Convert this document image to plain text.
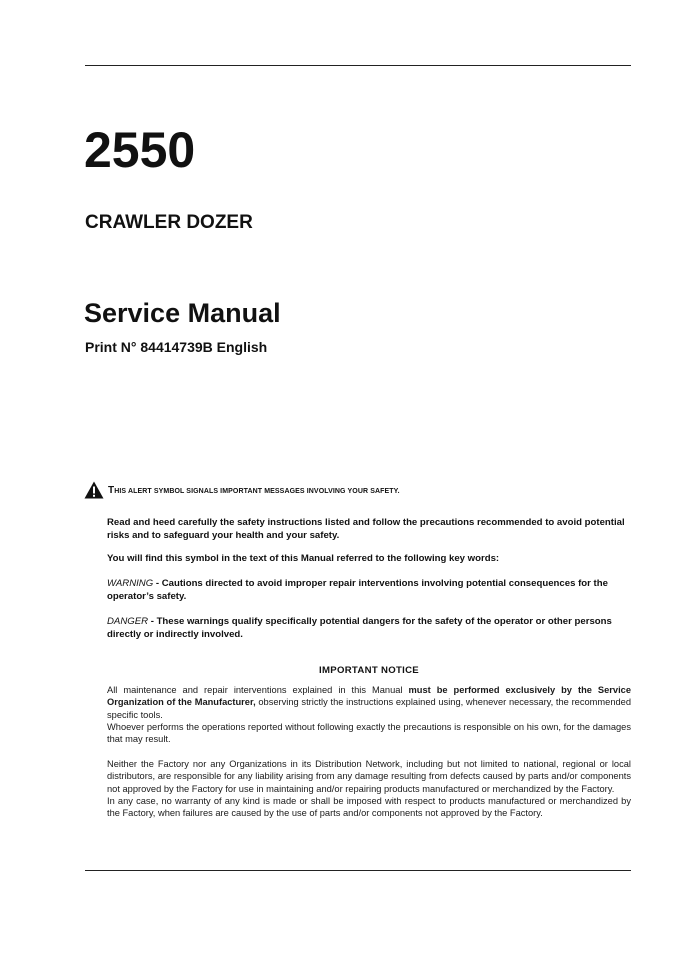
2550
CRAWLER DOZER
Service Manual
Print N° 84414739B English
THIS ALERT SYMBOL SIGNALS IMPORTANT MESSAGES INVOLVING YOUR SAFETY.
Read and heed carefully the safety instructions listed and follow the precautions recommended to avoid potential risks and to safeguard your health and your safety.
You will find this symbol in the text of this Manual referred to the following key words:
WARNING - Cautions directed to avoid improper repair interventions involving potential consequences for the operator’s safety.
DANGER - These warnings qualify specifically potential dangers for the safety of the operator or other persons directly or indirectly involved.
IMPORTANT NOTICE

All maintenance and repair interventions explained in this Manual must be performed exclusively by the Service Organization of the Manufacturer, observing strictly the instructions explained using, whenever necessary, the recommended specific tools.

Whoever performs the operations reported without following exactly the precautions is responsible on his own, for the damages that may result.

Neither the Factory nor any Organizations in its Distribution Network, including but not limited to national, regional or local distributors, are responsible for any liability arising from any damage resulting from defects caused by parts and/or components not approved by the Factory for use in maintaining and/or repairing products manufactured or merchandized by the Factory.

In any case, no warranty of any kind is made or shall be imposed with respect to products manufactured or merchandized by the Factory, when failures are caused by the use of parts and/or components not approved by the Factory.
